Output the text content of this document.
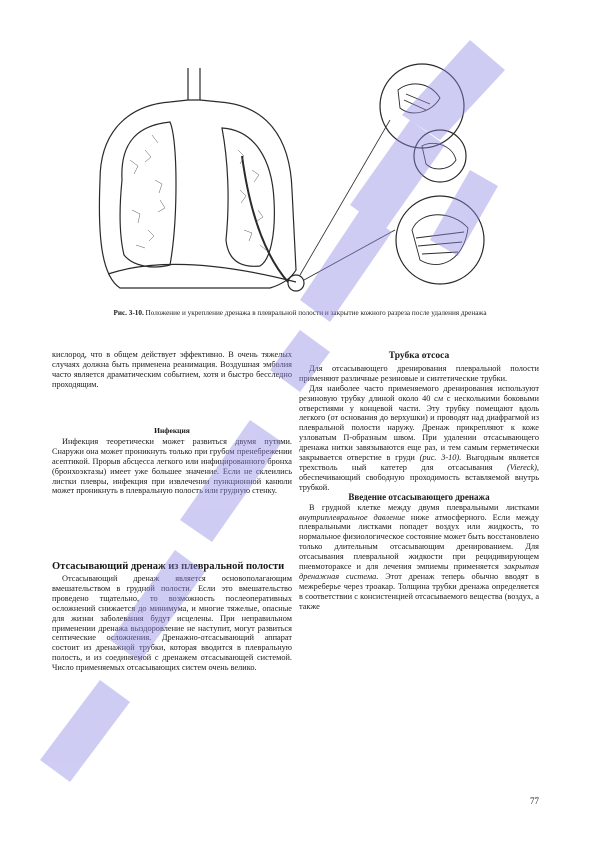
Рис. 3-10. Положение и укрепление дренажа в плевральной полости и закрытие кожного разреза после удаления дренажа

кислород, что в общем действует эффективно. В очень тяжелых случаях должна быть применена реанимация. Воздушная эмболия часто является драматическим событием, хотя и быстро бесследно проходящим.

Инфекция

Инфекция теоретически может развиться двумя путями. Снаружи она может проникнуть только при грубом пренебрежении асептикой. Прорыв абсцесса легкого или инфицированного бронха (бронхоэктазы) имеет уже большее значение. Если не склеились листки плевры, инфекция при извлечении пункционной канюли может проникнуть в плевральную полость или грудную стенку.

Отсасывающий дренаж из плевральной полости

Отсасывающий дренаж является основополагающим вмешательством в грудной полости. Если это вмешательство проведено тщательно, то возможность послеоперативных осложнений снижается до минимума, и многие тяжелые, опасные для жизни заболевания будут исцелены. При неправильном применении дренажа выздоровление не наступит, могут развиться септические осложнения. Дренажно-отсасывающий аппарат состоит из дренажной трубки, которая вводится в плевральную полость, и из соединяемой с дренажем отсасывающей системой. Число применяемых отсасывающих систем очень велико.

Трубка отсоса

Для отсасывающего дренирования плевральной полости применяют различные резиновые и синтетические трубки.

Для наиболее часто применяемого дренирования используют резиновую трубку длиной около 40 см с несколькими боковыми отверстиями у концевой части. Эту трубку помещают вдоль легкого (от основания до верхушки) и проводят над диафрагмой из плевральной полости наружу. Дренаж прикрепляют к коже узловатым П-образным швом. При удалении отсасывающего дренажа нитки завязываются еще раз, и тем самым герметически закрывается отверстие в груди (рис. 3-10). Выгодным является трехстволь ный катетер для отсасывания (Viereck), обеспечивающий свободную проходимость вставляемой внутрь трубкой.

Введение отсасывающего дренажа

В грудной клетке между двумя плевральными листками внутриплевральное давление ниже атмосферного. Если между плевральными листками попадет воздух или жидкость, то нормальное физиологическое состояние может быть восстановлено только длительным отсасывающим дренированием. Для отсасывания плевральной жидкости при рецидивирующем пневмотораксе и для лечения эмпиемы применяется закрытая дренажная система. Этот дренаж теперь обычно вводят в межреберье через троакар. Толщина трубки дренажа определяется в соответствии с консистенцией отсасываемого вещества (воздух, а также

77
